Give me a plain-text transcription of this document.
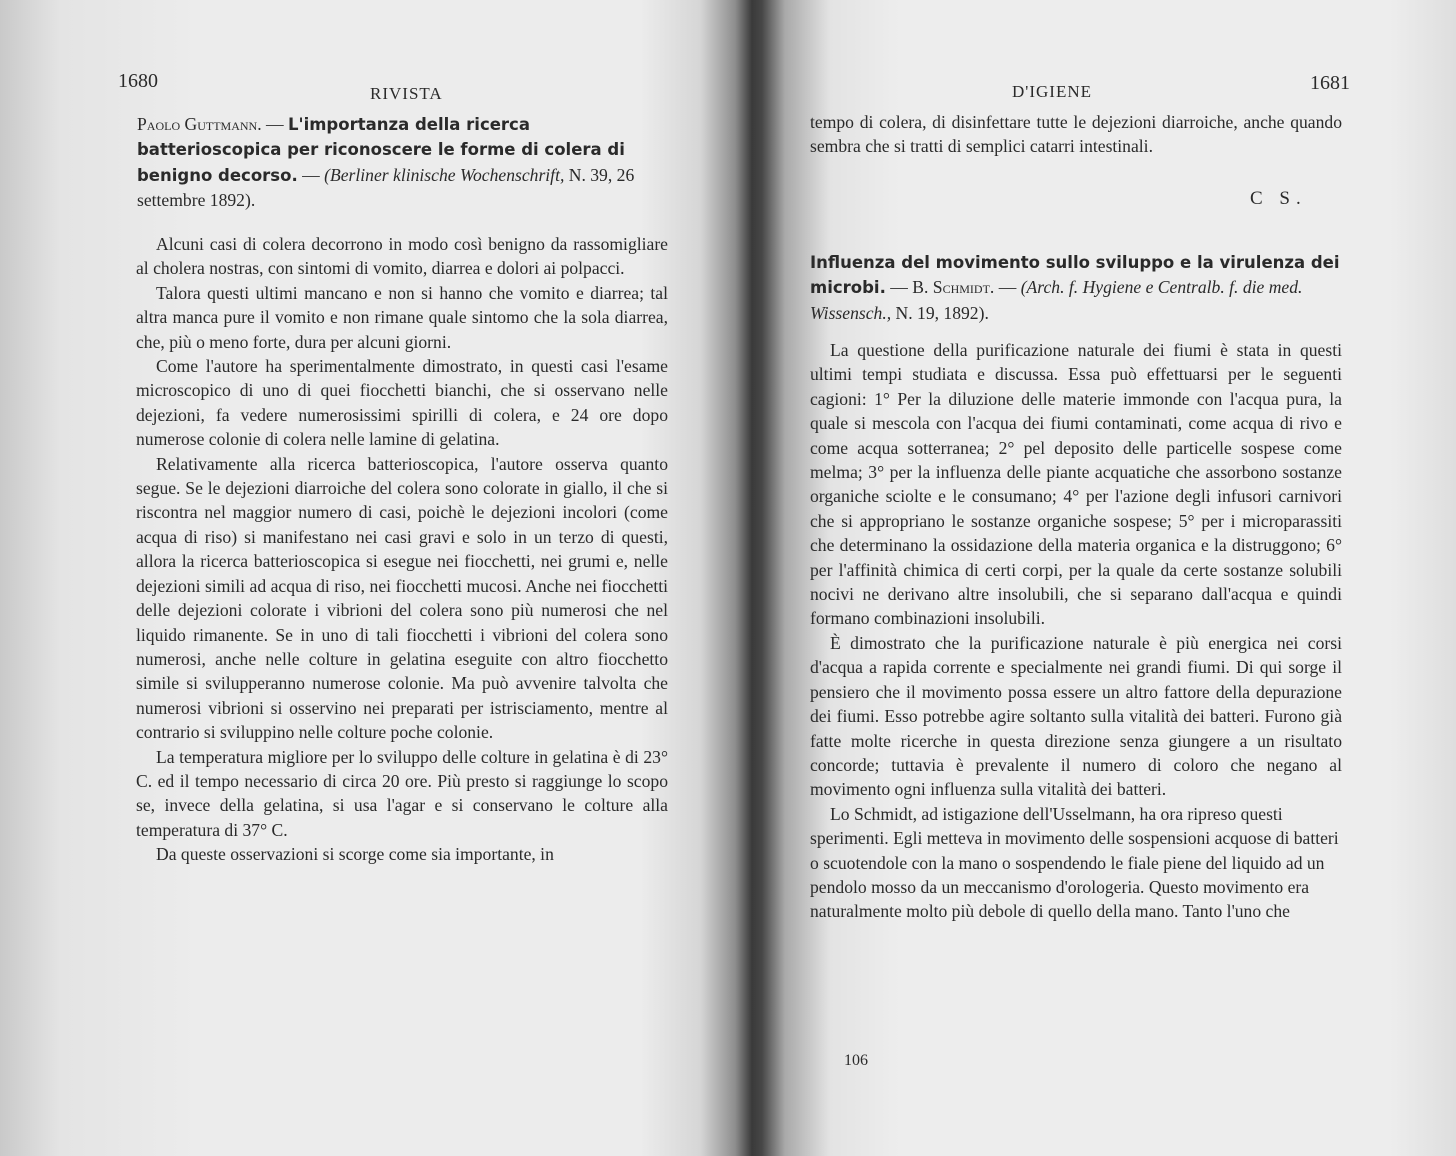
1680
RIVISTA

Paolo Guttmann. — L'importanza della ricerca batterioscopica per riconoscere le forme di colera di benigno decorso. — (Berliner klinische Wochenschrift, N. 39, 26 settembre 1892).

Alcuni casi di colera decorrono in modo così benigno da rassomigliare al cholera nostras, con sintomi di vomito, diarrea e dolori ai polpacci.

Talora questi ultimi mancano e non si hanno che vomito e diarrea; tal altra manca pure il vomito e non rimane quale sintomo che la sola diarrea, che, più o meno forte, dura per alcuni giorni.

Come l'autore ha sperimentalmente dimostrato, in questi casi l'esame microscopico di uno di quei fiocchetti bianchi, che si osservano nelle dejezioni, fa vedere numerosissimi spirilli di colera, e 24 ore dopo numerose colonie di colera nelle lamine di gelatina.

Relativamente alla ricerca batterioscopica, l'autore osserva quanto segue. Se le dejezioni diarroiche del colera sono colorate in giallo, il che si riscontra nel maggior numero di casi, poichè le dejezioni incolori (come acqua di riso) si manifestano nei casi gravi e solo in un terzo di questi, allora la ricerca batterioscopica si esegue nei fiocchetti, nei grumi e, nelle dejezioni simili ad acqua di riso, nei fiocchetti mucosi. Anche nei fiocchetti delle dejezioni colorate i vibrioni del colera sono più numerosi che nel liquido rimanente. Se in uno di tali fiocchetti i vibrioni del colera sono numerosi, anche nelle colture in gelatina eseguite con altro fiocchetto simile si svilupperanno numerose colonie. Ma può avvenire talvolta che numerosi vibrioni si osservino nei preparati per istrisciamento, mentre al contrario si sviluppino nelle colture poche colonie.

La temperatura migliore per lo sviluppo delle colture in gelatina è di 23° C. ed il tempo necessario di circa 20 ore. Più presto si raggiunge lo scopo se, invece della gelatina, si usa l'agar e si conservano le colture alla temperatura di 37° C.

Da queste osservazioni si scorge come sia importante, in

D'IGIENE	1681

tempo di colera, di disinfettare tutte le dejezioni diarroiche, anche quando sembra che si tratti di semplici catarri intestinali.

C S.

Influenza del movimento sullo sviluppo e la virulenza dei microbi. — B. Schmidt. — (Arch. f. Hygiene e Centralb. f. die med. Wissensch., N. 19, 1892).

La questione della purificazione naturale dei fiumi è stata in questi ultimi tempi studiata e discussa. Essa può effettuarsi per le seguenti cagioni: 1° Per la diluzione delle materie immonde con l'acqua pura, la quale si mescola con l'acqua dei fiumi contaminati, come acqua di rivo e come acqua sotterranea; 2° pel deposito delle particelle sospese come melma; 3° per la influenza delle piante acquatiche che assorbono sostanze organiche sciolte e le consumano; 4° per l'azione degli infusori carnivori che si appropriano le sostanze organiche sospese; 5° per i microparassiti che determinano la ossidazione della materia organica e la distruggono; 6° per l'affinità chimica di certi corpi, per la quale da certe sostanze solubili nocivi ne derivano altre insolubili, che si separano dall'acqua e quindi formano combinazioni insolubili.

È dimostrato che la purificazione naturale è più energica nei corsi d'acqua a rapida corrente e specialmente nei grandi fiumi. Di qui sorge il pensiero che il movimento possa essere un altro fattore della depurazione dei fiumi. Esso potrebbe agire soltanto sulla vitalità dei batteri. Furono già fatte molte ricerche in questa direzione senza giungere a un risultato concorde; tuttavia è prevalente il numero di coloro che negano al movimento ogni influenza sulla vitalità dei batteri.

Lo Schmidt, ad istigazione dell'Usselmann, ha ora ripreso questi sperimenti. Egli metteva in movimento delle sospensioni acquose di batteri o scuotendole con la mano o sospendendo le fiale piene del liquido ad un pendolo mosso da un meccanismo d'orologeria. Questo movimento era naturalmente molto più debole di quello della mano. Tanto l'uno che

106
